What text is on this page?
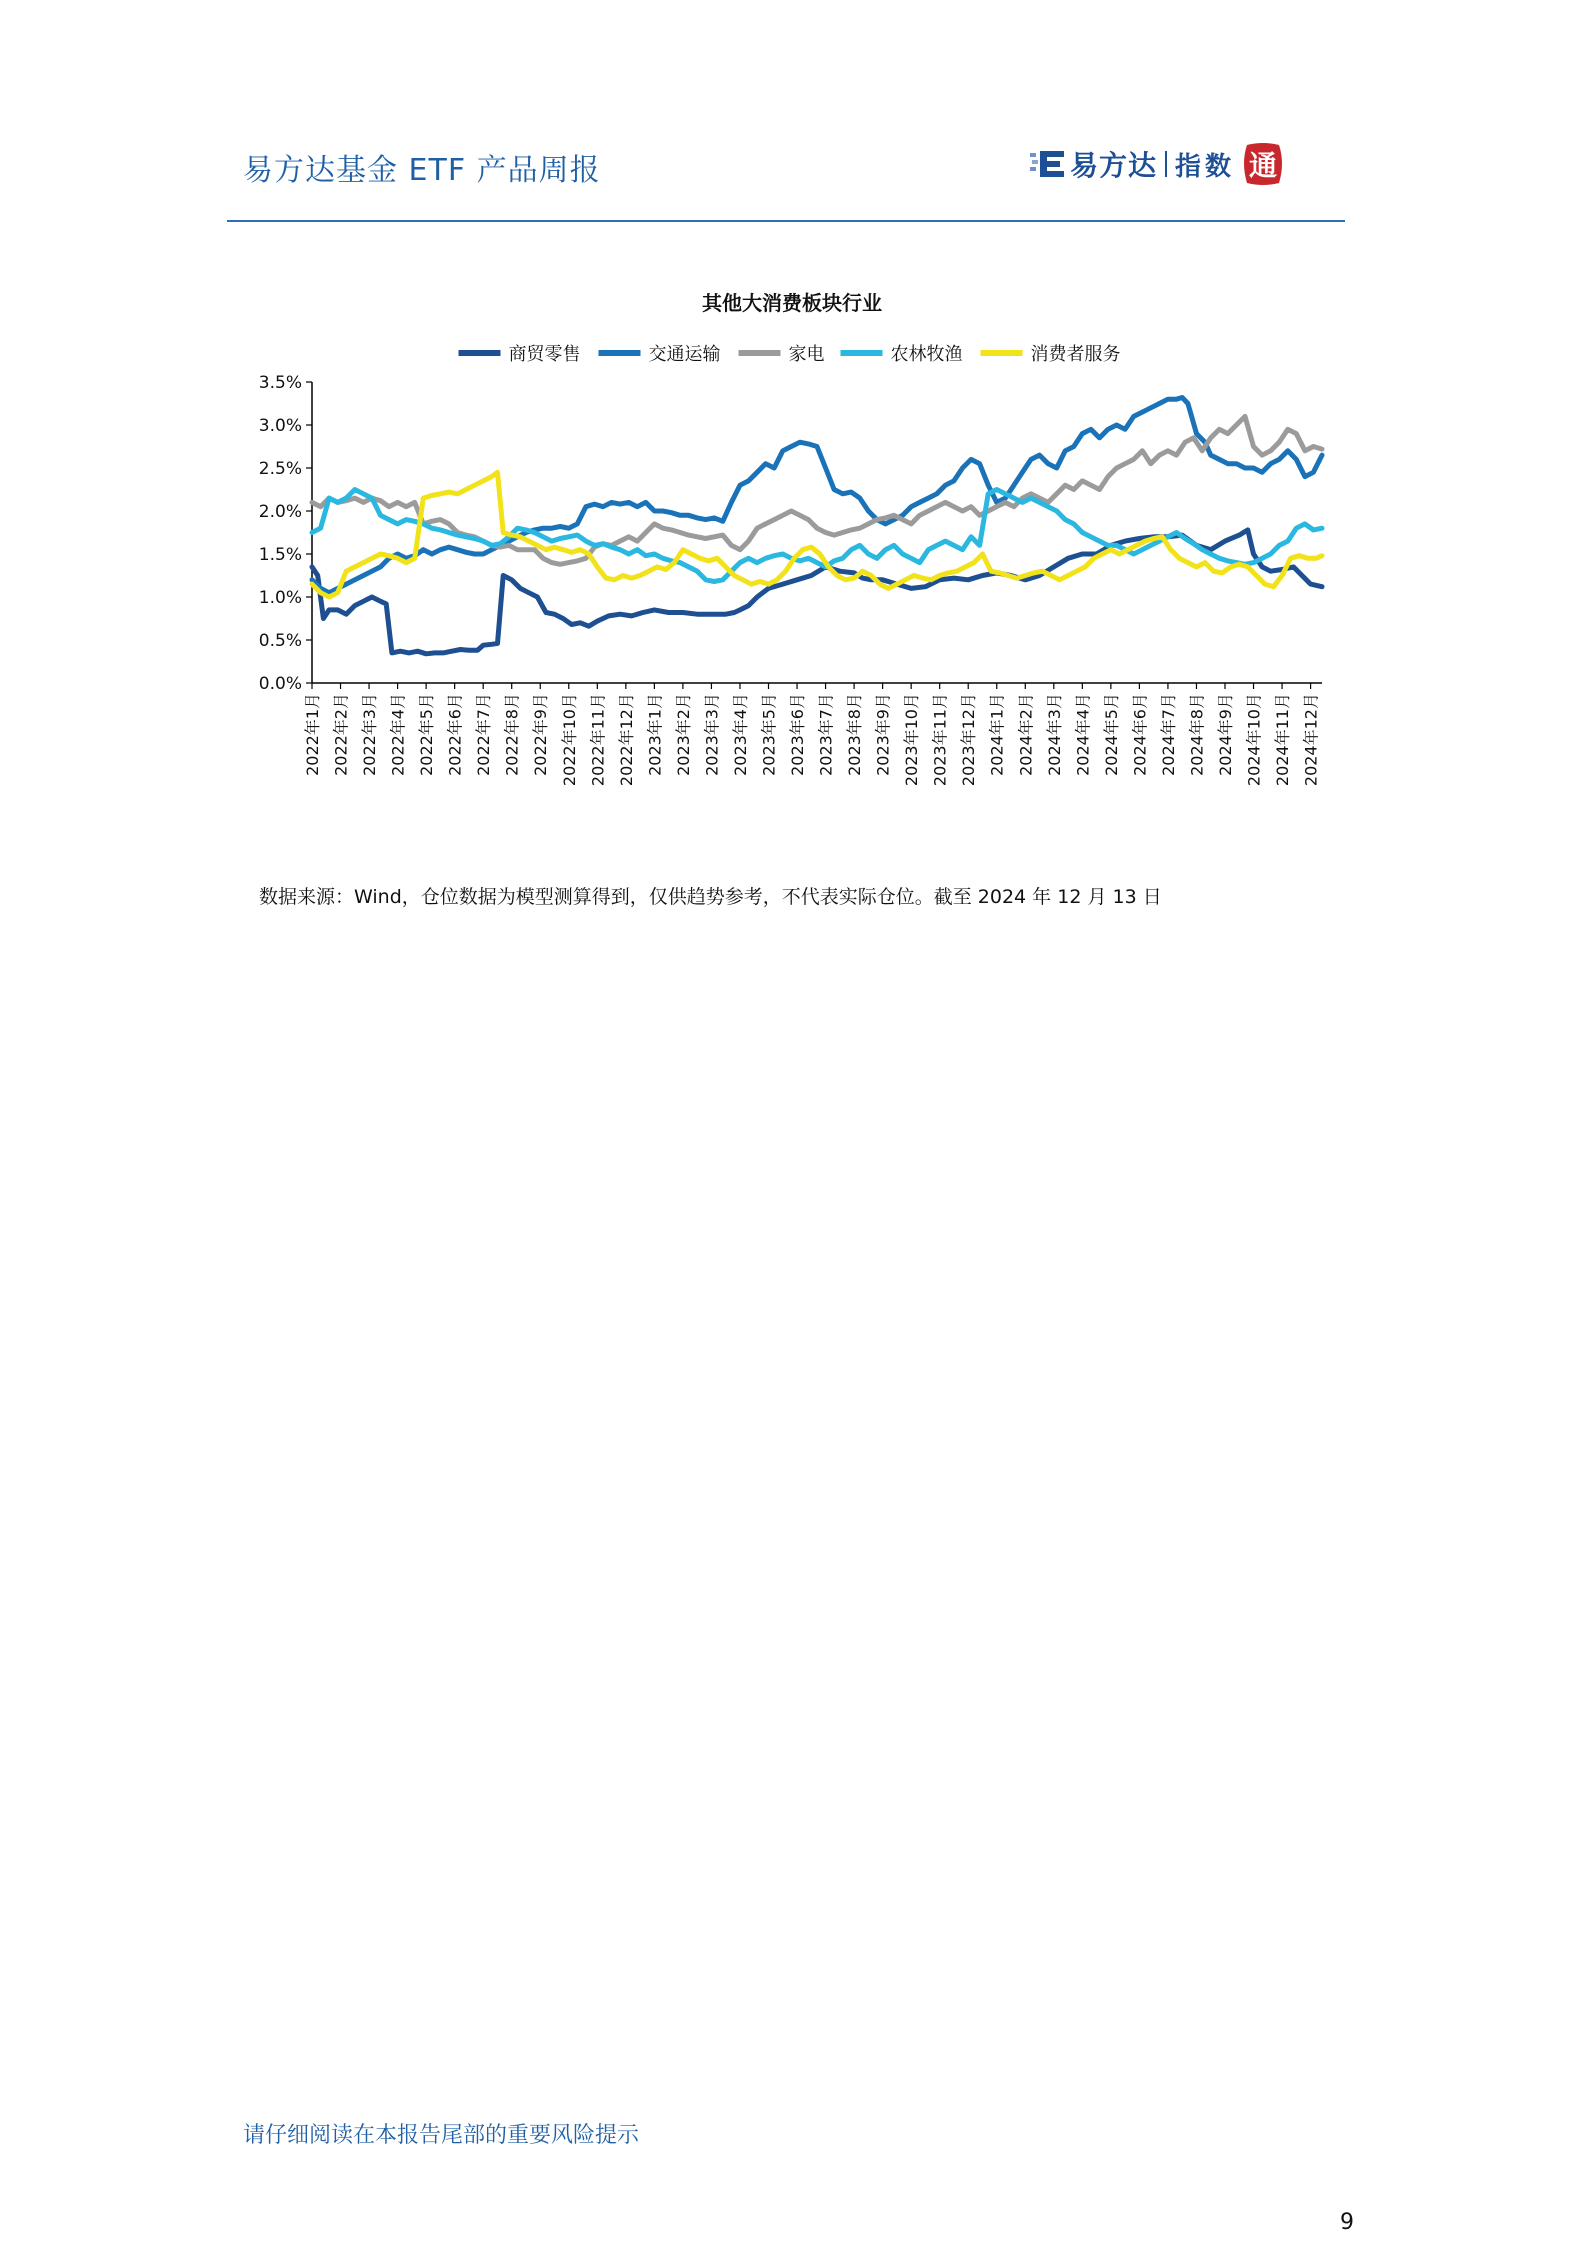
易方达基金 ETF 产品周报	易方达 指数 通
其他大消费板块行业
商贸零售	交通运输	家电	农林牧渔	消费者服务
0.0%
0.5%
1.0%
1.5%
2.0%
2.5%
3.0%
3.5%
2022年1月 2022年2月 2022年3月 2022年4月 2022年5月 2022年6月 2022年7月 2022年8月 2022年9月 2022年10月 2022年11月 2022年12月 2023年1月 2023年2月 2023年3月 2023年4月 2023年5月 2023年6月 2023年7月 2023年8月 2023年9月 2023年10月 2023年11月 2023年12月 2024年1月 2024年2月 2024年3月 2024年4月 2024年5月 2024年6月 2024年7月 2024年8月 2024年9月 2024年10月 2024年11月 2024年12月
数据来源：Wind，仓位数据为模型测算得到，仅供趋势参考，不代表实际仓位。截至 2024 年 12 月 13 日
请仔细阅读在本报告尾部的重要风险提示
9
